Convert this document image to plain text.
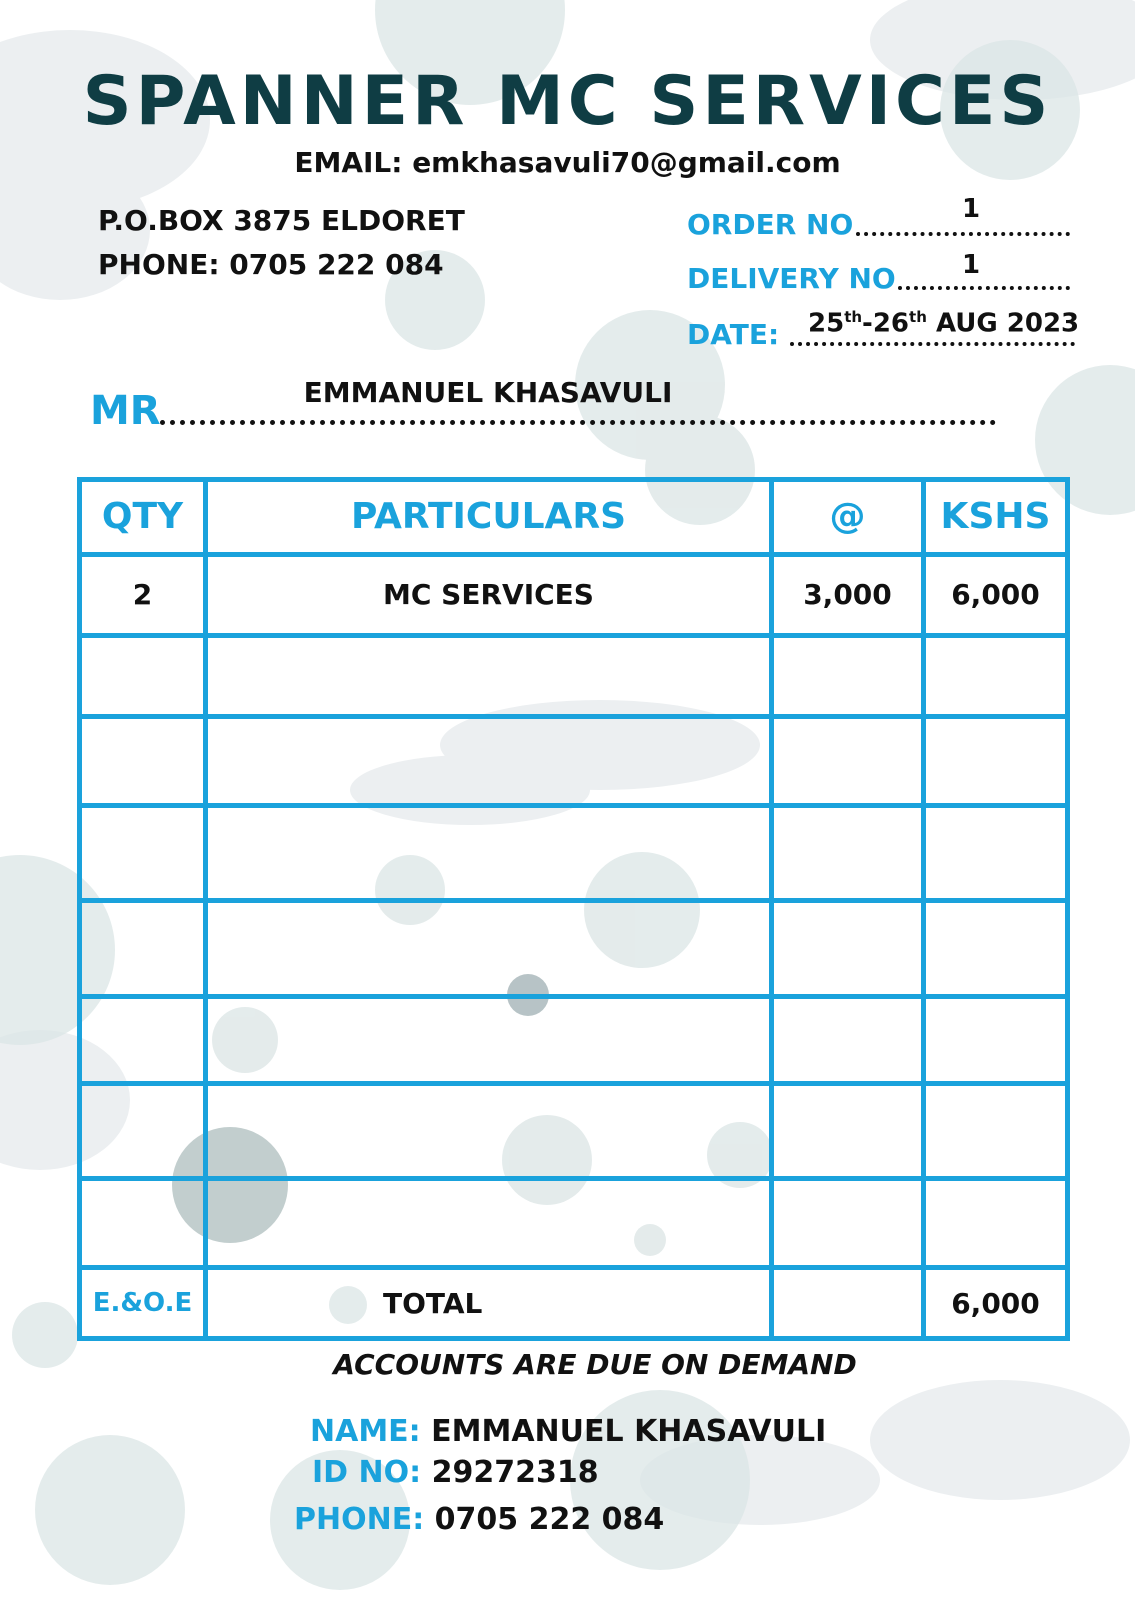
SPANNER MC SERVICES
EMAIL: emkhasavuli70@gmail.com
P.O.BOX 3875 ELDORET
PHONE: 0705 222 084
ORDER NO	1
DELIVERY NO	1
DATE: 25th-26th AUG 2023
MR	EMMANUEL KHASAVULI
QTY	PARTICULARS	@	KSHS
2	MC SERVICES	3,000	6,000

E.&O.E	TOTAL		6,000
ACCOUNTS ARE DUE ON DEMAND
NAME: EMMANUEL KHASAVULI
ID NO: 29272318
PHONE: 0705 222 084
